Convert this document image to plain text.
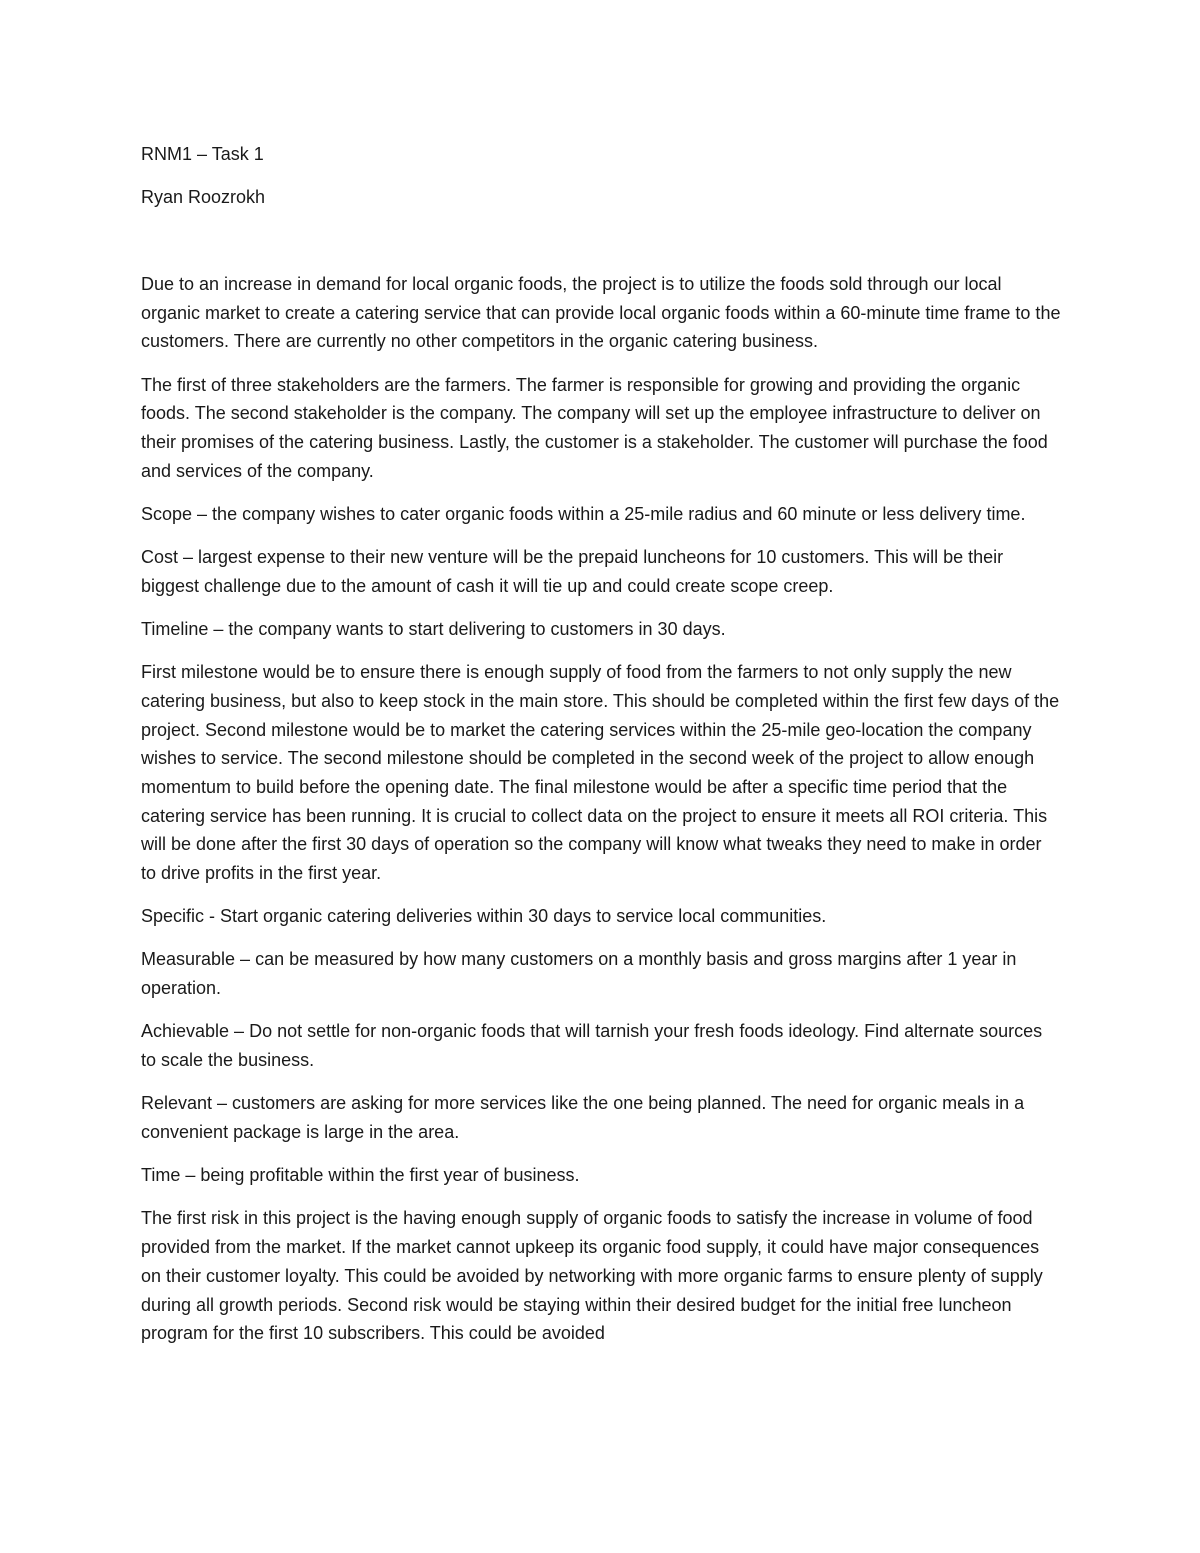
RNM1 – Task 1

Ryan Roozrokh

Due to an increase in demand for local organic foods, the project is to utilize the foods sold through our local organic market to create a catering service that can provide local organic foods within a 60-minute time frame to the customers. There are currently no other competitors in the organic catering business.

The first of three stakeholders are the farmers. The farmer is responsible for growing and providing the organic foods. The second stakeholder is the company. The company will set up the employee infrastructure to deliver on their promises of the catering business. Lastly, the customer is a stakeholder. The customer will purchase the food and services of the company.

Scope – the company wishes to cater organic foods within a 25-mile radius and 60 minute or less delivery time.

Cost – largest expense to their new venture will be the prepaid luncheons for 10 customers. This will be their biggest challenge due to the amount of cash it will tie up and could create scope creep.

Timeline – the company wants to start delivering to customers in 30 days.

First milestone would be to ensure there is enough supply of food from the farmers to not only supply the new catering business, but also to keep stock in the main store. This should be completed within the first few days of the project. Second milestone would be to market the catering services within the 25-mile geo-location the company wishes to service. The second milestone should be completed in the second week of the project to allow enough momentum to build before the opening date. The final milestone would be after a specific time period that the catering service has been running. It is crucial to collect data on the project to ensure it meets all ROI criteria. This will be done after the first 30 days of operation so the company will know what tweaks they need to make in order to drive profits in the first year.

Specific - Start organic catering deliveries within 30 days to service local communities.

Measurable – can be measured by how many customers on a monthly basis and gross margins after 1 year in operation.

Achievable – Do not settle for non-organic foods that will tarnish your fresh foods ideology. Find alternate sources to scale the business.

Relevant – customers are asking for more services like the one being planned. The need for organic meals in a convenient package is large in the area.

Time – being profitable within the first year of business.

The first risk in this project is the having enough supply of organic foods to satisfy the increase in volume of food provided from the market. If the market cannot upkeep its organic food supply, it could have major consequences on their customer loyalty. This could be avoided by networking with more organic farms to ensure plenty of supply during all growth periods. Second risk would be staying within their desired budget for the initial free luncheon program for the first 10 subscribers. This could be avoided
